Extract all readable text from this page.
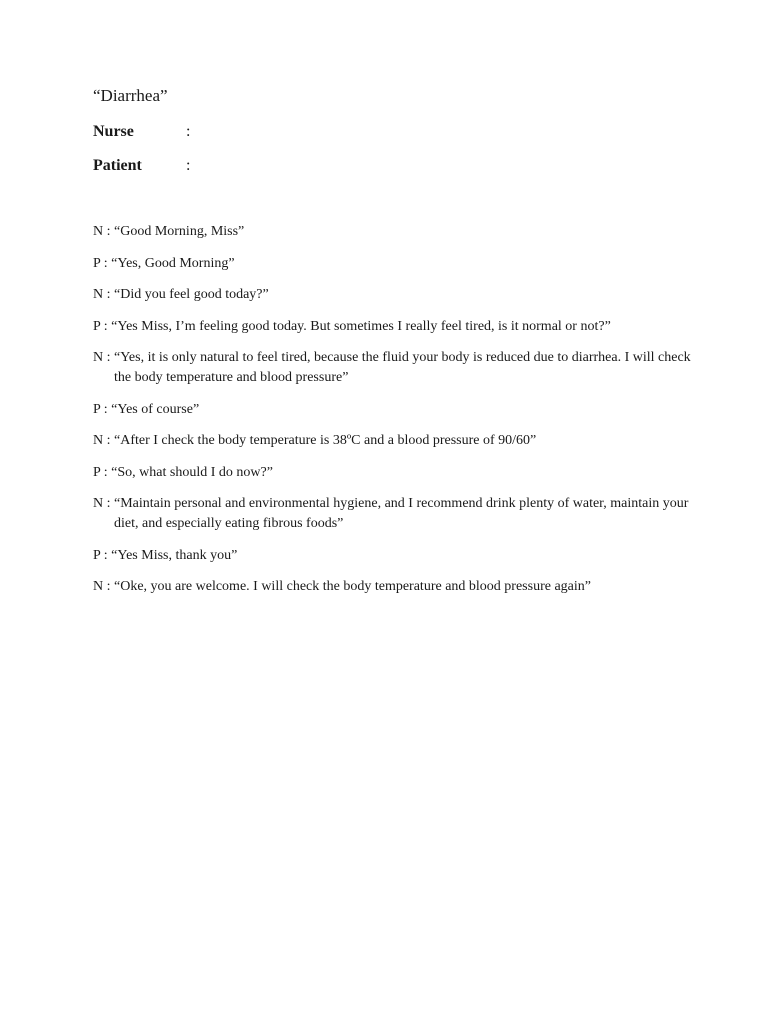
“Diarrhea”

Nurse	:

Patient	:

N : “Good Morning, Miss”
P : “Yes, Good Morning”
N : “Did you feel good today?”
P : “Yes Miss, I’m feeling good today. But sometimes I really feel tired, is it normal or not?”
N : “Yes, it is only natural to feel tired, because the fluid your body is reduced due to diarrhea. I will check the body temperature and blood pressure”
P : “Yes of course”
N : “After I check the body temperature is 38ºC and a blood pressure of 90/60”
P : “So, what should I do now?”
N : “Maintain personal and environmental hygiene, and I recommend drink plenty of water, maintain your diet, and especially eating fibrous foods”
P : “Yes Miss, thank you”
N : “Oke, you are welcome. I will check the body temperature and blood pressure again”
